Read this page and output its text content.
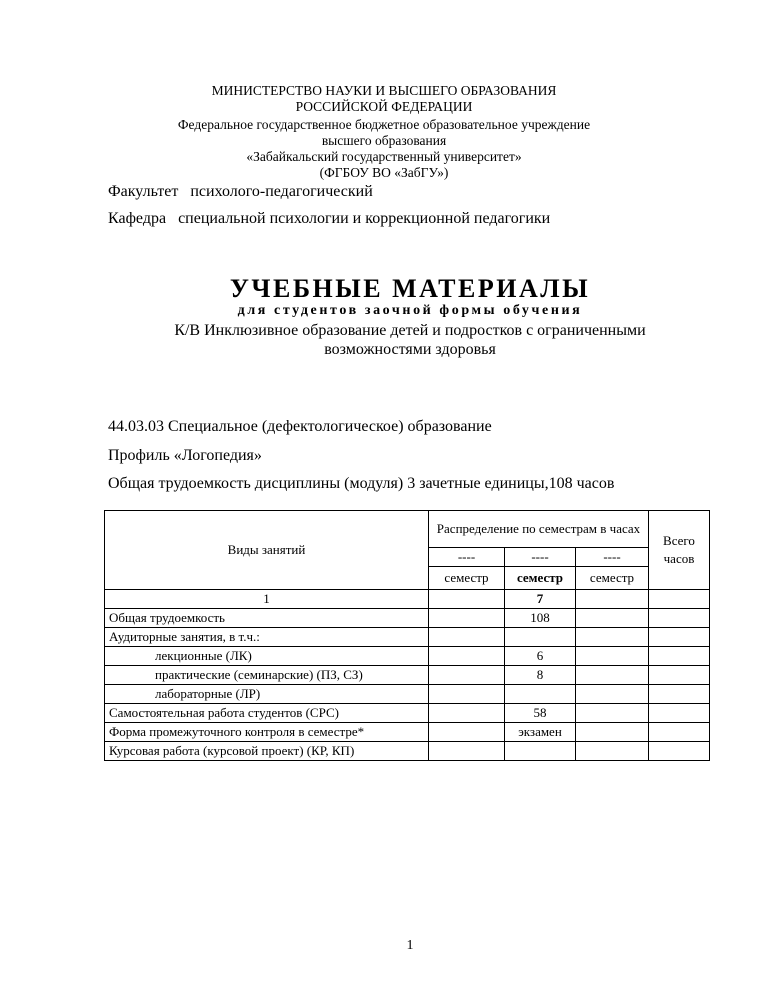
МИНИСТЕРСТВО НАУКИ И ВЫСШЕГО ОБРАЗОВАНИЯ
РОССИЙСКОЙ ФЕДЕРАЦИИ
Федеральное государственное бюджетное образовательное учреждение
высшего образования
«Забайкальский государственный университет»
(ФГБОУ ВО «ЗабГУ»)
Факультет психолого-педагогический
Кафедра специальной психологии и коррекционной педагогики
УЧЕБНЫЕ МАТЕРИАЛЫ
для студентов заочной формы обучения
К/В Инклюзивное образование детей и подростков с ограниченными
возможностями здоровья
44.03.03 Специальное (дефектологическое) образование
Профиль «Логопедия»
Общая трудоемкость дисциплины (модуля) 3 зачетные единицы,108 часов
Виды занятий	Распределение по семестрам в часах			Всего часов
	----	----	----	
	семестр	семестр	семестр	
1		7		
Общая трудоемкость		108		
Аудиторные занятия, в т.ч.:				
лекционные (ЛК)		6		
практические (семинарские) (ПЗ, СЗ)		8		
лабораторные (ЛР)				
Самостоятельная работа студентов (СРС)		58		
Форма промежуточного контроля в семестре*		экзамен		
Курсовая работа (курсовой проект) (КР, КП)				
1
